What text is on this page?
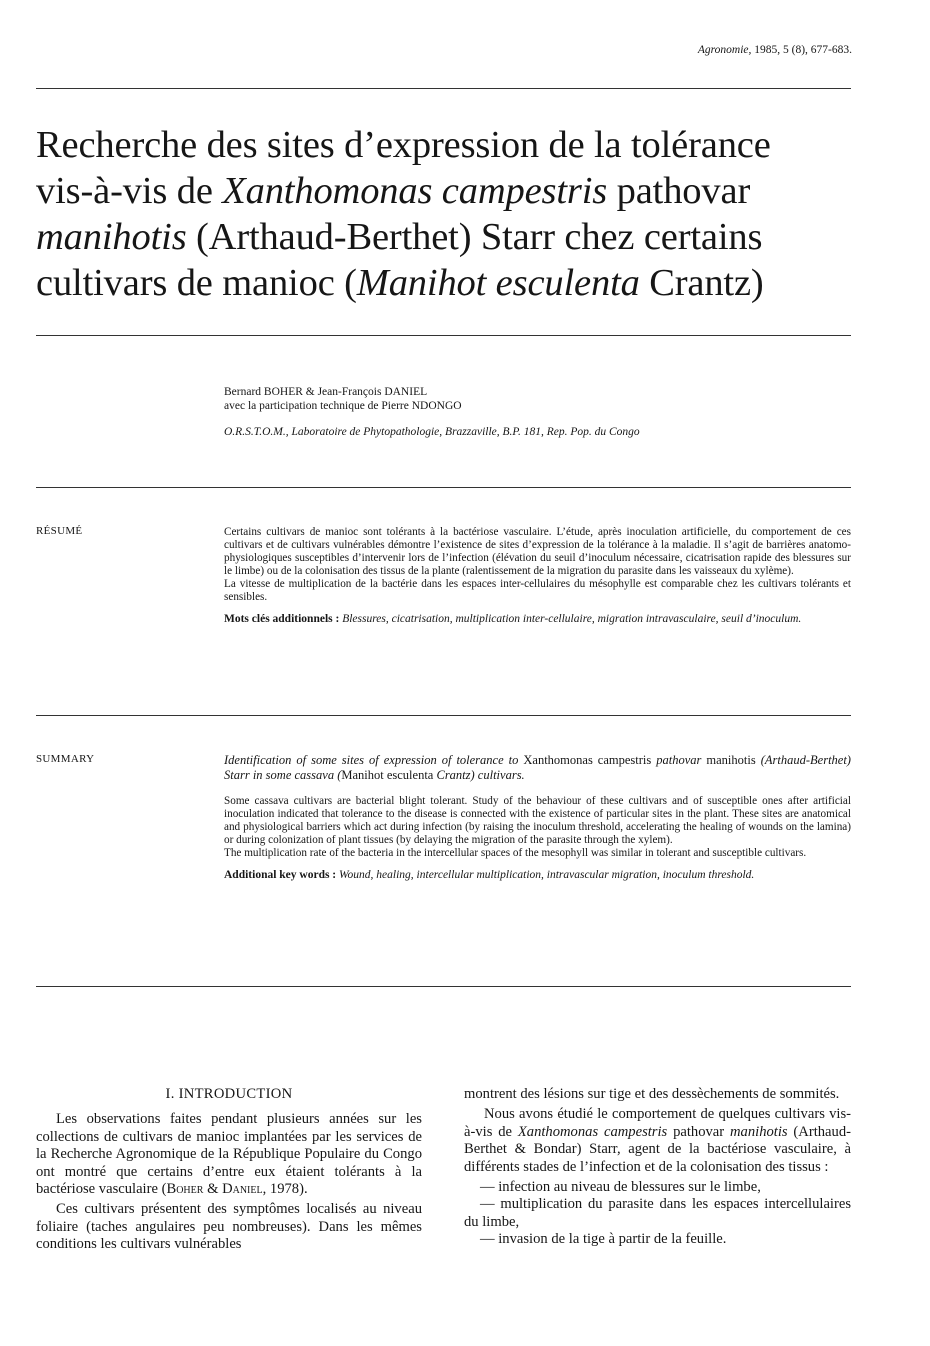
Agronomie, 1985, 5 (8), 677-683.
Recherche des sites d’expression de la tolérance
vis-à-vis de Xanthomonas campestris pathovar
manihotis (Arthaud-Berthet) Starr chez certains
cultivars de manioc (Manihot esculenta Crantz)
Bernard BOHER & Jean-François DANIEL
avec la participation technique de Pierre NDONGO
O.R.S.T.O.M., Laboratoire de Phytopathologie, Brazzaville, B.P. 181, Rep. Pop. du Congo
RÉSUMÉ	Certains cultivars de manioc sont tolérants à la bactériose vasculaire. L’étude, après inoculation artificielle, du comportement de ces cultivars et de cultivars vulnérables démontre l’existence de sites d’expression de la tolérance à la maladie. Il s’agit de barrières anatomo-physiologiques susceptibles d’intervenir lors de l’infection (élévation du seuil d’inoculum nécessaire, cicatrisation rapide des blessures sur le limbe) ou de la colonisation des tissus de la plante (ralentissement de la migration du parasite dans les vaisseaux du xylème).

La vitesse de multiplication de la bactérie dans les espaces inter-cellulaires du mésophylle est comparable chez les cultivars tolérants et sensibles.

Mots clés additionnels : Blessures, cicatrisation, multiplication inter-cellulaire, migration intravasculaire, seuil d’inoculum.

SUMMARY	Identification of some sites of expression of tolerance to Xanthomonas campestris pathovar manihotis (Arthaud-Berthet) Starr in some cassava (Manihot esculenta Crantz) cultivars.

Some cassava cultivars are bacterial blight tolerant. Study of the behaviour of these cultivars and of susceptible ones after artificial inoculation indicated that tolerance to the disease is connected with the existence of particular sites in the plant. These sites are anatomical and physiological barriers which act during infection (by raising the inoculum threshold, accelerating the healing of wounds on the lamina) or during colonization of plant tissues (by delaying the migration of the parasite through the xylem).

The multiplication rate of the bacteria in the intercellular spaces of the mesophyll was similar in tolerant and susceptible cultivars.

Additional key words : Wound, healing, intercellular multiplication, intravascular migration, inoculum threshold.

I. INTRODUCTION

Les observations faites pendant plusieurs années sur les collections de cultivars de manioc implantées par les services de la Recherche Agronomique de la République Populaire du Congo ont montré que certains d’entre eux étaient tolérants à la bactériose vasculaire (Boher & Daniel, 1978).

Ces cultivars présentent des symptômes localisés au niveau foliaire (taches angulaires peu nombreuses). Dans les mêmes conditions les cultivars vulnérables

montrent des lésions sur tige et des dessèchements de sommités.

Nous avons étudié le comportement de quelques cultivars vis-à-vis de Xanthomonas campestris pathovar manihotis (Arthaud-Berthet & Bondar) Starr, agent de la bactériose vasculaire, à différents stades de l’infection et de la colonisation des tissus :

— infection au niveau de blessures sur le limbe,

— multiplication du parasite dans les espaces intercellulaires du limbe,

— invasion de la tige à partir de la feuille.
